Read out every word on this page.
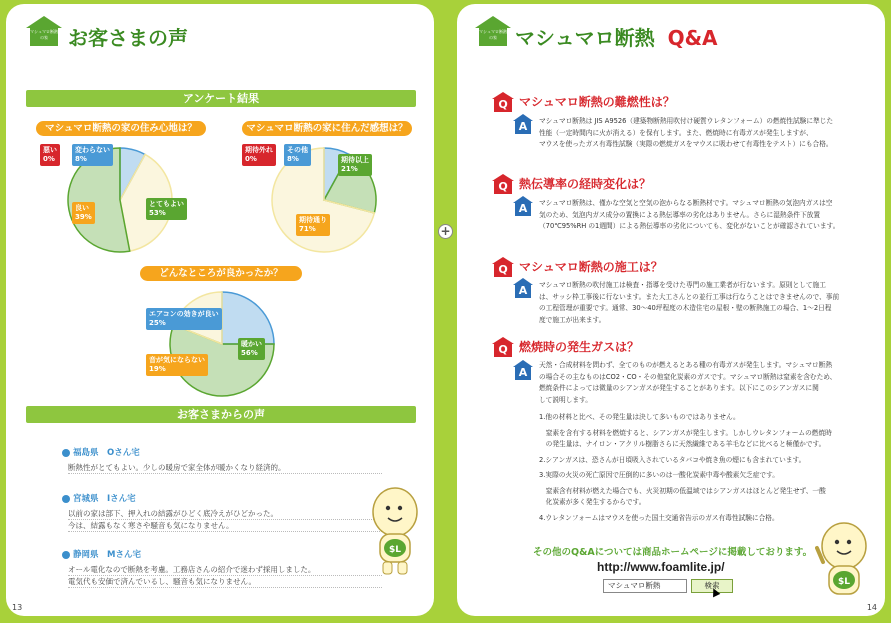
マシュマロ断熱の家	お客さまの声
アンケート結果
マシュマロ断熱の家の住み心地は？	マシュマロ断熱の家に住んだ感想は？
どんなところが良かったか？
悪い
0%
変わらない
8%
良い
39%
とてもよい
53%
期待外れ
0%
その他
8%	期待以上
21%
期待通り
71%
エアコンの効きが良い
25%
暖かい
56%
音が気にならない
19%
お客さまからの声
福島県　Oさん宅
断熱性がとてもよい。少しの暖房で家全体が暖かくなり経済的。
宮城県　Iさん宅
以前の家は部下、押入れの結露がひどく底冷えがひどかった。
今は、結露もなく寒さや騒音も気になりません。
静岡県　Mさん宅
オール電化なので断熱を考慮。工務店さんの紹介で迷わず採用しました。
電気代も安価で済んでいるし、騒音も気になりません。
$L
13
+
マシュマロ断熱の家 マシュマロ断熱 Q&A
Q マシュマロ断熱の難燃性は？
A	マシュマロ断熱は JIS A9526（建築物断熱用吹付け硬質ウレタンフォーム）の燃焼性試験に準じた
性能（一定時間内に火が消える）を保有します。また、燃焼時に有毒ガスが発生しますが、
マウスを使ったガス有毒性試験（実際の燃焼ガスをマウスに吸わせて有毒性をテスト）にも合格。
Q 熱伝導率の経時変化は？
A	マシュマロ断熱は、僅かな空気と空気の泡からなる断熱材です。マシュマロ断熱の気泡内ガスは空
気のため、気泡内ガス成分の置換による熱伝導率の劣化はありません。さらに湿熱条件下放置
（70℃95%RH の1週間）による熱伝導率の劣化についても、変化がないことが確認されています。
Q マシュマロ断熱の施工は？
A	マシュマロ断熱の吹付施工は検査・指導を受けた専門の施工業者が行ないます。原則として施工
は、サッシ枠工事後に行ないます。また大工さんとの並行工事は行なうことはできませんので、事前
の工程管理が重要です。通常、30～40坪程度の木造住宅の屋根・壁の断熱施工の場合、1～2日程
度で施工が出来ます。
Q 燃焼時の発生ガスは？
A
天然・合成材料を問わず、全てのものが燃えるとある種の有毒ガスが発生します。マシュマロ断熱
の場合その主なものはCO2・CO・その他窒化炭素のガスです。マシュマロ断熱は窒素を含むため、
燃焼条件によっては微量のシアンガスが発生することがあります。以下にこのシアンガスに関
して説明します。
1.他の材料と比べ、その発生量は決して多いものではありません。
　窒素を含有する材料を燃焼すると、シアンガスが発生します。しかしウレタンフォームの燃焼時
　の発生量は、ナイロン・アクリル樹脂さらに天然繊維である羊毛などに比べると極僅かです。
2.シアンガスは、恐さんが日頃吸入されているタバコや焼き魚の煙にも含まれています。
3.実際の火災の死亡原因で圧倒的に多いのは一酸化炭素中毒や酸素欠乏症です。
　窒素含有材料が燃えた場合でも、火災初期の低温域ではシアンガスはほとんど発生せず、一酸
　化炭素が多く発生するからです。
4.ウレタンフォームはマウスを使った国土交通省告示のガス有毒性試験に合格。
その他のQ&Aについては商品ホームページに掲載しております。
http://www.foamlite.jp/
マシュマロ断熱	検索	$L
14
